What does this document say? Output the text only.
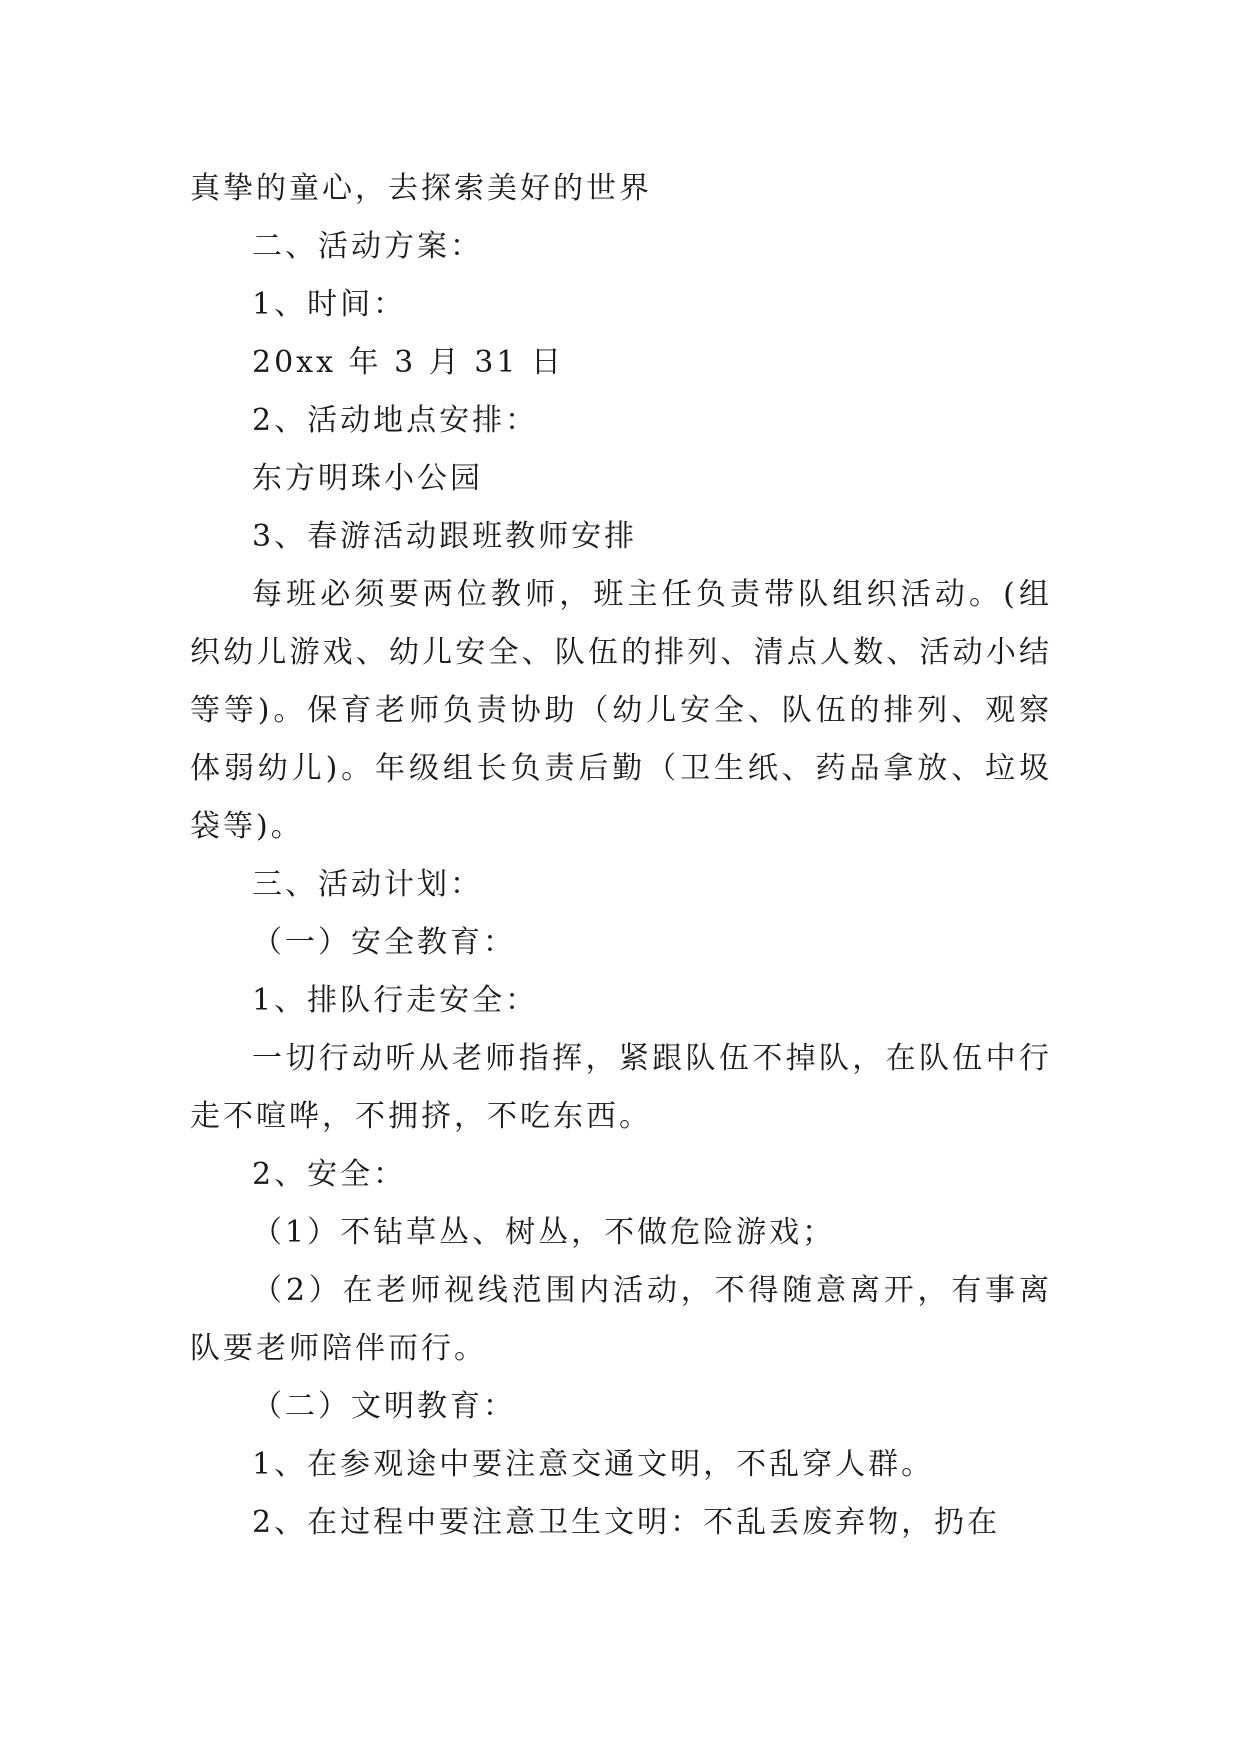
真挚的童心，去探索美好的世界

二、活动方案：

1、时间：

20xx 年 3 月 31 日

2、活动地点安排：

东方明珠小公园

3、春游活动跟班教师安排

每班必须要两位教师，班主任负责带队组织活动。(组织幼儿游戏、幼儿安全、队伍的排列、清点人数、活动小结等等)。保育老师负责协助（幼儿安全、队伍的排列、观察体弱幼儿)。年级组长负责后勤（卫生纸、药品拿放、垃圾袋等)。

三、活动计划：

（一）安全教育：

1、排队行走安全：

一切行动听从老师指挥，紧跟队伍不掉队，在队伍中行走不喧哗，不拥挤，不吃东西。

2、安全：

（1）不钻草丛、树丛，不做危险游戏；

（2）在老师视线范围内活动，不得随意离开，有事离队要老师陪伴而行。

（二）文明教育：

1、在参观途中要注意交通文明，不乱穿人群。

2、在过程中要注意卫生文明：不乱丢废弃物，扔在
